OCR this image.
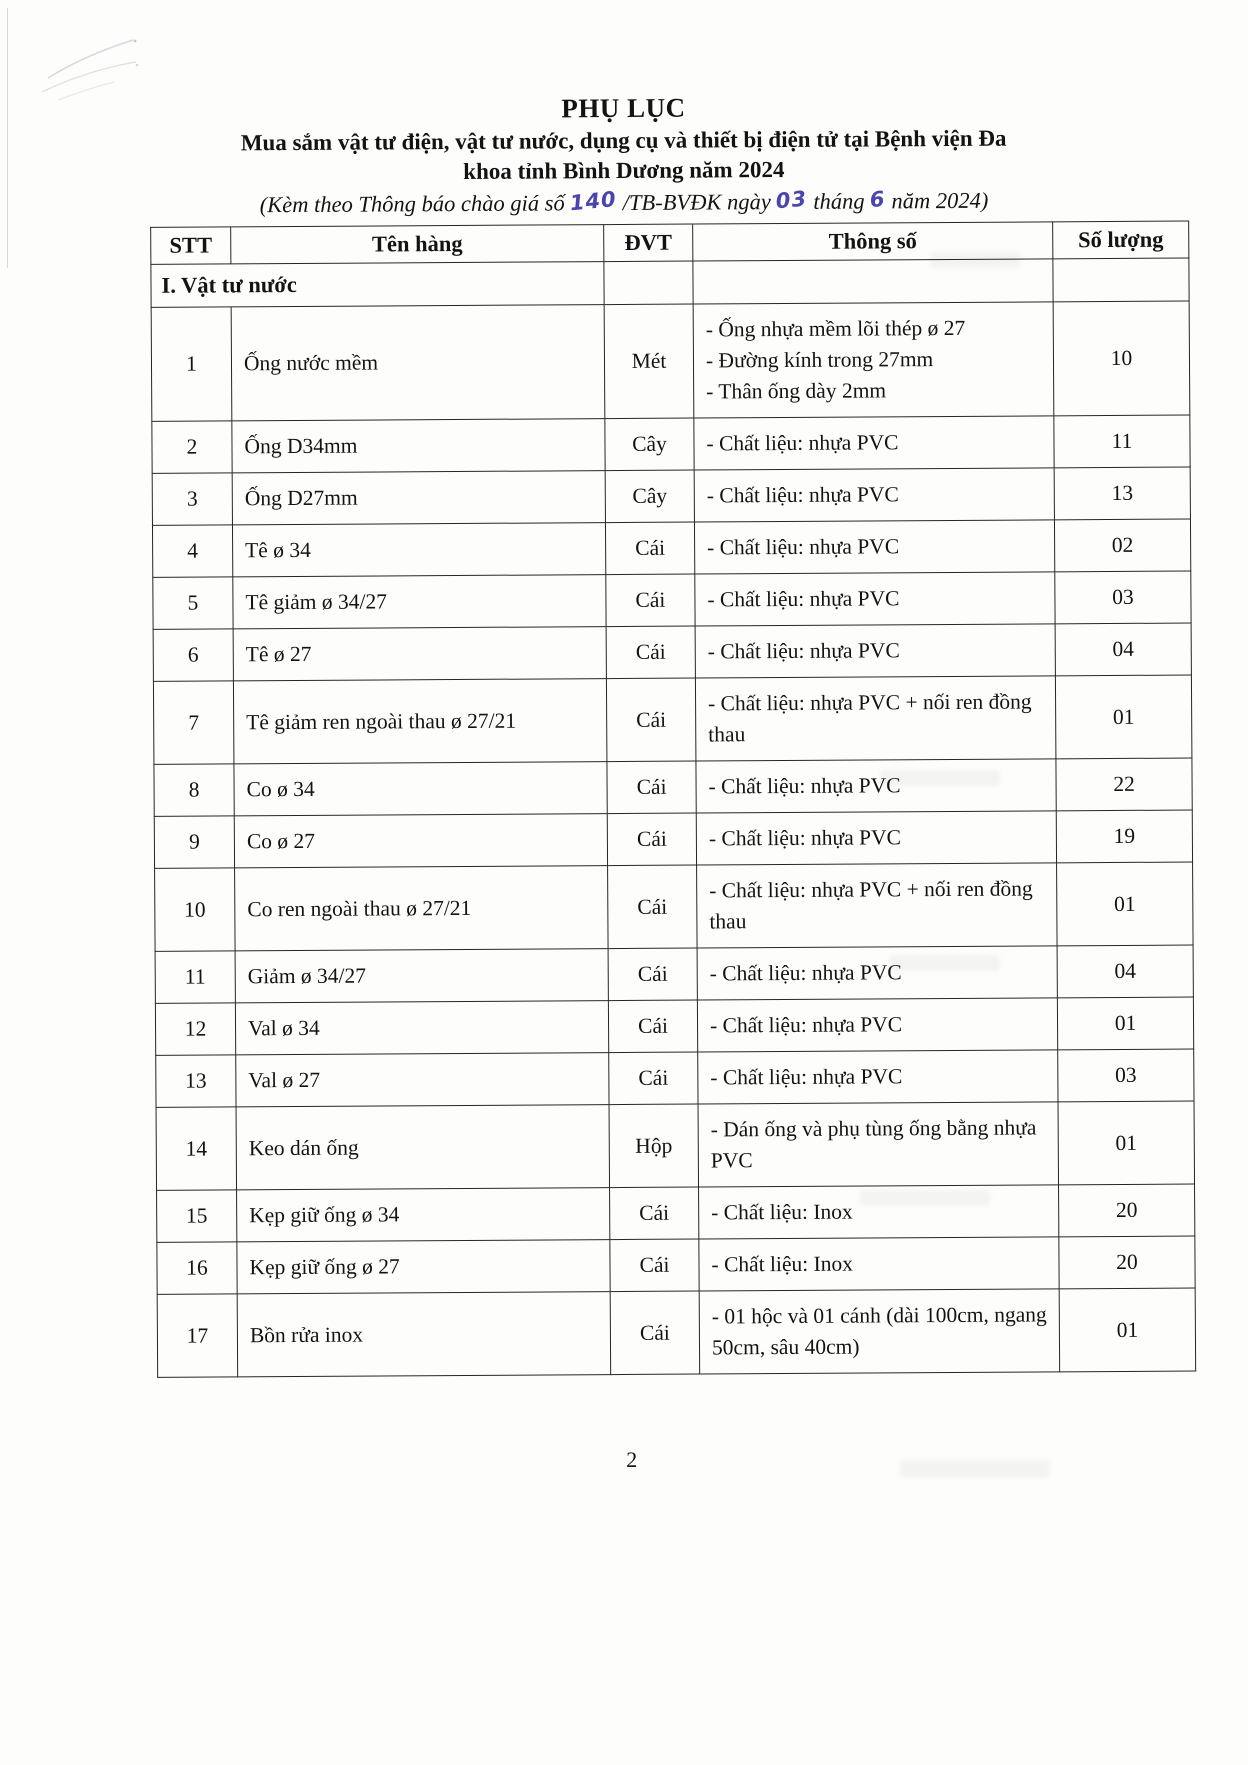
PHỤ LỤC
Mua sắm vật tư điện, vật tư nước, dụng cụ và thiết bị điện tử tại Bệnh viện Đa
khoa tỉnh Bình Dương năm 2024
(Kèm theo Thông báo chào giá số 140 /TB-BVĐK ngày 03 tháng 6 năm 2024)
STT	Tên hàng	ĐVT	Thông số	Số lượng
I. Vật tư nước				
1	Ống nước mềm	Mét	- Ống nhựa mềm lõi thép ø 27
- Đường kính trong 27mm
- Thân ống dày 2mm	10
2	Ống D34mm	Cây	- Chất liệu: nhựa PVC	11
3	Ống D27mm	Cây	- Chất liệu: nhựa PVC	13
4	Tê ø 34	Cái	- Chất liệu: nhựa PVC	02
5	Tê giảm ø 34/27	Cái	- Chất liệu: nhựa PVC	03
6	Tê ø 27	Cái	- Chất liệu: nhựa PVC	04
7	Tê giảm ren ngoài thau ø 27/21	Cái	- Chất liệu: nhựa PVC + nối ren đồng thau	01
8	Co ø 34	Cái	- Chất liệu: nhựa PVC	22
9	Co ø 27	Cái	- Chất liệu: nhựa PVC	19
10	Co ren ngoài thau ø 27/21	Cái	- Chất liệu: nhựa PVC + nối ren đồng thau	01
11	Giảm ø 34/27	Cái	- Chất liệu: nhựa PVC	04
12	Val ø 34	Cái	- Chất liệu: nhựa PVC	01
13	Val ø 27	Cái	- Chất liệu: nhựa PVC	03
14	Keo dán ống	Hộp	- Dán ống và phụ tùng ống bằng nhựa PVC	01
15	Kẹp giữ ống ø 34	Cái	- Chất liệu: Inox	20
16	Kẹp giữ ống ø 27	Cái	- Chất liệu: Inox	20
17	Bồn rửa inox	Cái	- 01 hộc và 01 cánh (dài 100cm, ngang 50cm, sâu 40cm)	01
2
